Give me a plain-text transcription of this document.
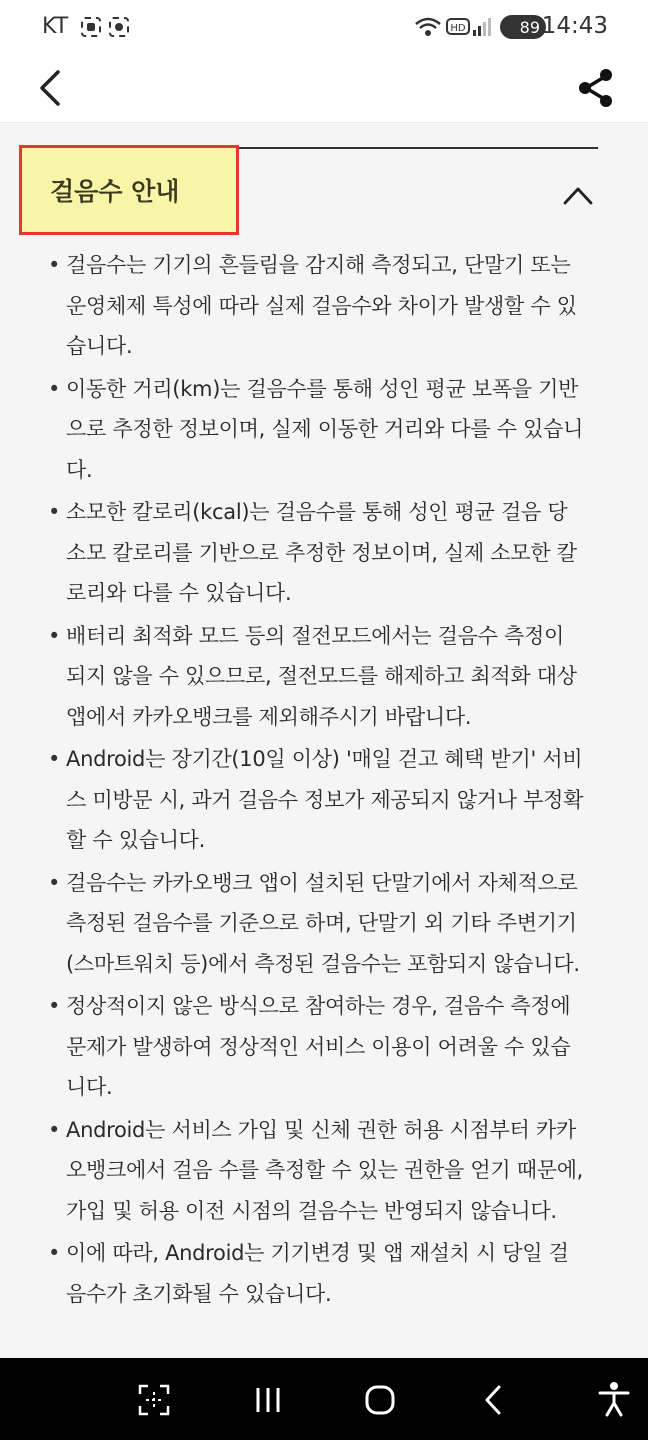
KT	HD	89 14:43
걸음수 안내
• 걸음수는 기기의 흔들림을 감지해 측정되고, 단말기 또는 운영체제 특성에 따라 실제 걸음수와 차이가 발생할 수 있습니다.
• 이동한 거리(km)는 걸음수를 통해 성인 평균 보폭을 기반으로 추정한 정보이며, 실제 이동한 거리와 다를 수 있습니다.
• 소모한 칼로리(kcal)는 걸음수를 통해 성인 평균 걸음 당 소모 칼로리를 기반으로 추정한 정보이며, 실제 소모한 칼로리와 다를 수 있습니다.
• 배터리 최적화 모드 등의 절전모드에서는 걸음수 측정이 되지 않을 수 있으므로, 절전모드를 해제하고 최적화 대상 앱에서 카카오뱅크를 제외해주시기 바랍니다.
• Android는 장기간(10일 이상) '매일 걷고 혜택 받기' 서비스 미방문 시, 과거 걸음수 정보가 제공되지 않거나 부정확할 수 있습니다.
• 걸음수는 카카오뱅크 앱이 설치된 단말기에서 자체적으로 측정된 걸음수를 기준으로 하며, 단말기 외 기타 주변기기(스마트워치 등)에서 측정된 걸음수는 포함되지 않습니다.
• 정상적이지 않은 방식으로 참여하는 경우, 걸음수 측정에 문제가 발생하여 정상적인 서비스 이용이 어려울 수 있습니다.
• Android는 서비스 가입 및 신체 권한 허용 시점부터 카카오뱅크에서 걸음 수를 측정할 수 있는 권한을 얻기 때문에, 가입 및 허용 이전 시점의 걸음수는 반영되지 않습니다.
• 이에 따라, Android는 기기변경 및 앱 재설치 시 당일 걸음수가 초기화될 수 있습니다.
